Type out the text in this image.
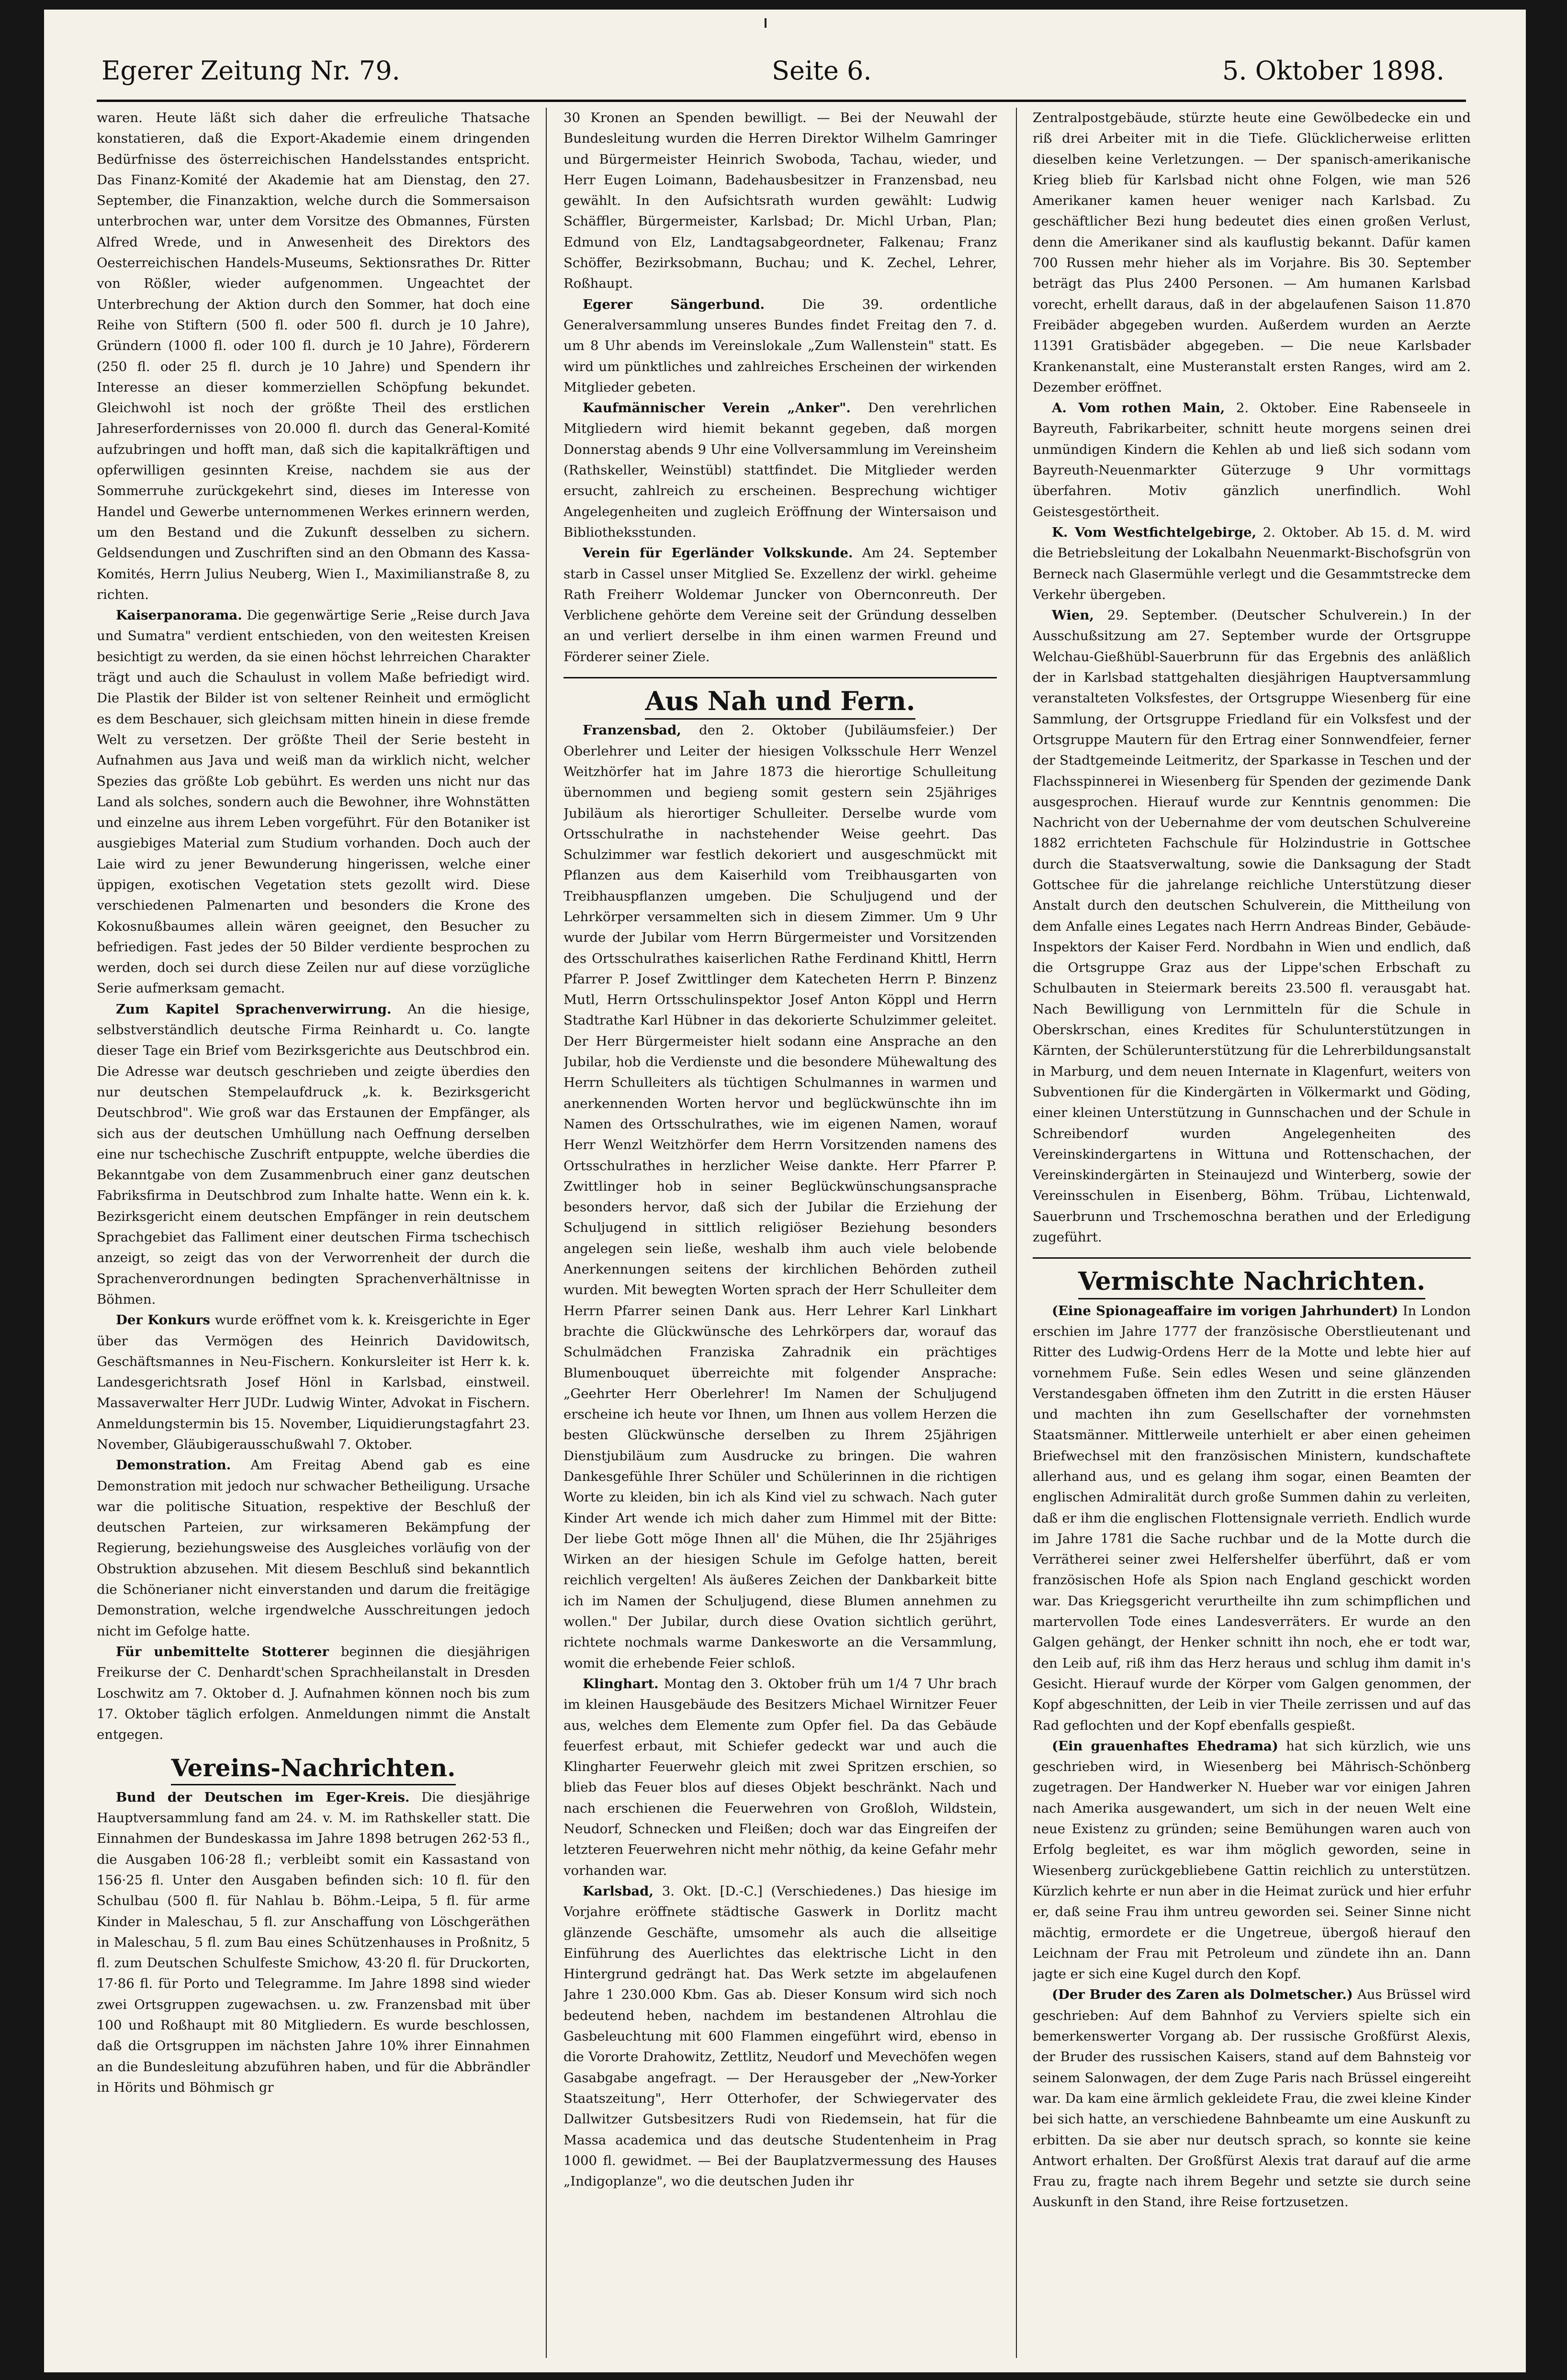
Egerer Zeitung Nr. 79.	Seite 6.	5. Oktober 1898.

waren. Heute läßt sich daher die erfreuliche Thatsache konstatieren, daß die Export-Akademie einem dringenden Bedürfnisse des österreichischen Handelsstandes entspricht. Das Finanz-Komité der Akademie hat am Dienstag, den 27. September, die Finanzaktion, welche durch die Sommersaison unterbrochen war, unter dem Vorsitze des Obmannes, Fürsten Alfred Wrede, und in Anwesenheit des Direktors des Oesterreichischen Handels-Museums, Sektionsrathes Dr. Ritter von Rößler, wieder aufgenommen. Ungeachtet der Unterbrechung der Aktion durch den Sommer, hat doch eine Reihe von Stiftern (500 fl. oder 500 fl. durch je 10 Jahre), Gründern (1000 fl. oder 100 fl. durch je 10 Jahre), Förderern (250 fl. oder 25 fl. durch je 10 Jahre) und Spendern ihr Interesse an dieser kommerziellen Schöpfung bekundet. Gleichwohl ist noch der größte Theil des erstlichen Jahreserfordernisses von 20.000 fl. durch das General-Komité aufzubringen und hofft man, daß sich die kapitalkräftigen und opferwilligen gesinnten Kreise, nachdem sie aus der Sommerruhe zurückgekehrt sind, dieses im Interesse von Handel und Gewerbe unternommenen Werkes erinnern werden, um den Bestand und die Zukunft desselben zu sichern. Geldsendungen und Zuschriften sind an den Obmann des Kassa-Komités, Herrn Julius Neuberg, Wien I., Maximilianstraße 8, zu richten.

Kaiserpanorama. Die gegenwärtige Serie „Reise durch Java und Sumatra" verdient entschieden, von den weitesten Kreisen besichtigt zu werden, da sie einen höchst lehrreichen Charakter trägt und auch die Schaulust in vollem Maße befriedigt wird. Die Plastik der Bilder ist von seltener Reinheit und ermöglicht es dem Beschauer, sich gleichsam mitten hinein in diese fremde Welt zu versetzen. Der größte Theil der Serie besteht in Aufnahmen aus Java und weiß man da wirklich nicht, welcher Spezies das größte Lob gebührt. Es werden uns nicht nur das Land als solches, sondern auch die Bewohner, ihre Wohnstätten und einzelne aus ihrem Leben vorgeführt. Für den Botaniker ist ausgiebiges Material zum Studium vorhanden. Doch auch der Laie wird zu jener Bewunderung hingerissen, welche einer üppigen, exotischen Vegetation stets gezollt wird. Diese verschiedenen Palmenarten und besonders die Krone des Kokosnußbaumes allein wären geeignet, den Besucher zu befriedigen. Fast jedes der 50 Bilder verdiente besprochen zu werden, doch sei durch diese Zeilen nur auf diese vorzügliche Serie aufmerksam gemacht.

Zum Kapitel Sprachenverwirrung. An die hiesige, selbstverständlich deutsche Firma Reinhardt u. Co. langte dieser Tage ein Brief vom Bezirksgerichte aus Deutschbrod ein. Die Adresse war deutsch geschrieben und zeigte überdies den nur deutschen Stempelaufdruck „k. k. Bezirksgericht Deutschbrod". Wie groß war das Erstaunen der Empfänger, als sich aus der deutschen Umhüllung nach Oeffnung derselben eine nur tschechische Zuschrift entpuppte, welche überdies die Bekanntgabe von dem Zusammenbruch einer ganz deutschen Fabriksfirma in Deutschbrod zum Inhalte hatte. Wenn ein k. k. Bezirksgericht einem deutschen Empfänger in rein deutschem Sprachgebiet das Falliment einer deutschen Firma tschechisch anzeigt, so zeigt das von der Verworrenheit der durch die Sprachenverordnungen bedingten Sprachenverhältnisse in Böhmen.

Der Konkurs wurde eröffnet vom k. k. Kreisgerichte in Eger über das Vermögen des Heinrich Davidowitsch, Geschäftsmannes in Neu-Fischern. Konkursleiter ist Herr k. k. Landesgerichtsrath Josef Hönl in Karlsbad, einstweil. Massaverwalter Herr JUDr. Ludwig Winter, Advokat in Fischern. Anmeldungstermin bis 15. November, Liquidierungstagfahrt 23. November, Gläubigerausschußwahl 7. Oktober.

Demonstration. Am Freitag Abend gab es eine Demonstration mit jedoch nur schwacher Betheiligung. Ursache war die politische Situation, respektive der Beschluß der deutschen Parteien, zur wirksameren Bekämpfung der Regierung, beziehungsweise des Ausgleiches vorläufig von der Obstruktion abzusehen. Mit diesem Beschluß sind bekanntlich die Schönerianer nicht einverstanden und darum die freitägige Demonstration, welche irgendwelche Ausschreitungen jedoch nicht im Gefolge hatte.

Für unbemittelte Stotterer beginnen die diesjährigen Freikurse der C. Denhardt'schen Sprachheilanstalt in Dresden Loschwitz am 7. Oktober d. J. Aufnahmen können noch bis zum 17. Oktober täglich erfolgen. Anmeldungen nimmt die Anstalt entgegen.

Vereins-Nachrichten.

Bund der Deutschen im Eger-Kreis. Die diesjährige Hauptversammlung fand am 24. v. M. im Rathskeller statt. Die Einnahmen der Bundeskassa im Jahre 1898 betrugen 262·53 fl., die Ausgaben 106·28 fl.; verbleibt somit ein Kassastand von 156·25 fl. Unter den Ausgaben befinden sich: 10 fl. für den Schulbau (500 fl. für Nahlau b. Böhm.-Leipa, 5 fl. für arme Kinder in Maleschau, 5 fl. zur Anschaffung von Löschgeräthen in Maleschau, 5 fl. zum Bau eines Schützenhauses in Proßnitz, 5 fl. zum Deutschen Schulfeste Smichow, 43·20 fl. für Druckorten, 17·86 fl. für Porto und Telegramme. Im Jahre 1898 sind wieder zwei Ortsgruppen zugewachsen. u. zw. Franzensbad mit über 100 und Roßhaupt mit 80 Mitgliedern. Es wurde beschlossen, daß die Ortsgruppen im nächsten Jahre 10% ihrer Einnahmen an die Bundesleitung abzuführen haben, und für die Abbrändler in Hörits und Böhmisch gr

30 Kronen an Spenden bewilligt. — Bei der Neuwahl der Bundesleitung wurden die Herren Direktor Wilhelm Gamringer und Bürgermeister Heinrich Swoboda, Tachau, wieder, und Herr Eugen Loimann, Badehausbesitzer in Franzensbad, neu gewählt. In den Aufsichtsrath wurden gewählt: Ludwig Schäffler, Bürgermeister, Karlsbad; Dr. Michl Urban, Plan; Edmund von Elz, Landtagsabgeordneter, Falkenau; Franz Schöffer, Bezirksobmann, Buchau; und K. Zechel, Lehrer, Roßhaupt.

Egerer Sängerbund.	Die 39. ordentliche Generalversammlung unseres Bundes findet Freitag den 7. d. um 8 Uhr abends im Vereinslokale „Zum Wallenstein" statt. Es wird um pünktliches und zahlreiches Erscheinen der wirkenden Mitglieder gebeten.

Kaufmännischer Verein „Anker". Den verehrlichen Mitgliedern wird hiemit bekannt gegeben, daß morgen Donnerstag abends 9 Uhr eine Vollversammlung im Vereinsheim (Rathskeller, Weinstübl) stattfindet. Die Mitglieder werden ersucht, zahlreich zu erscheinen. Besprechung wichtiger Angelegenheiten und zugleich Eröffnung der Wintersaison und Bibliotheksstunden.

Verein für Egerländer Volkskunde. Am 24. September starb in Cassel unser Mitglied Se. Exzellenz der wirkl. geheime Rath Freiherr Woldemar Juncker von Obernconreuth. Der Verblichene gehörte dem Vereine seit der Gründung desselben an und verliert derselbe in ihm einen warmen Freund und Förderer seiner Ziele.

Aus Nah und Fern.

Franzensbad, den 2. Oktober (Jubiläumsfeier.) Der Oberlehrer und Leiter der hiesigen Volksschule Herr Wenzel Weitzhörfer hat im Jahre 1873 die hierortige Schulleitung übernommen und begieng somit gestern sein 25jähriges Jubiläum als hierortiger Schulleiter. Derselbe wurde vom Ortsschulrathe in nachstehender Weise geehrt. Das Schulzimmer war festlich dekoriert und ausgeschmückt mit Pflanzen aus dem Kaiserhild vom Treibhausgarten von Treibhauspflanzen umgeben. Die Schuljugend und der Lehrkörper versammelten sich in diesem Zimmer. Um 9 Uhr wurde der Jubilar vom Herrn Bürgermeister und Vorsitzenden des Ortsschulrathes kaiserlichen Rathe Ferdinand Khittl, Herrn Pfarrer P. Josef Zwittlinger dem Katecheten Herrn P. Binzenz Mutl, Herrn Ortsschulinspektor Josef Anton Köppl und Herrn Stadtrathe Karl Hübner in das dekorierte Schulzimmer geleitet. Der Herr Bürgermeister hielt sodann eine Ansprache an den Jubilar, hob die Verdienste und die besondere Mühewaltung des Herrn Schulleiters als tüchtigen Schulmannes in warmen und anerkennenden Worten hervor und beglückwünschte ihn im Namen des Ortsschulrathes, wie im eigenen Namen, worauf Herr Wenzl Weitzhörfer dem Herrn Vorsitzenden namens des Ortsschulrathes in herzlicher Weise dankte. Herr Pfarrer P. Zwittlinger hob in seiner Beglückwünschungsansprache besonders hervor, daß sich der Jubilar die Erziehung der Schuljugend in sittlich religiöser Beziehung besonders angelegen sein ließe, weshalb ihm auch viele belobende Anerkennungen seitens der kirchlichen Behörden zutheil wurden. Mit bewegten Worten sprach der Herr Schulleiter dem Herrn Pfarrer seinen Dank aus. Herr Lehrer Karl Linkhart brachte die Glückwünsche des Lehrkörpers dar, worauf das Schulmädchen Franziska Zahradnik ein prächtiges Blumenbouquet überreichte mit folgender Ansprache: „Geehrter Herr Oberlehrer! Im Namen der Schuljugend erscheine ich heute vor Ihnen, um Ihnen aus vollem Herzen die besten Glückwünsche derselben zu Ihrem 25jährigen Dienstjubiläum zum Ausdrucke zu bringen. Die wahren Dankesgefühle Ihrer Schüler und Schülerinnen in die richtigen Worte zu kleiden, bin ich als Kind viel zu schwach. Nach guter Kinder Art wende ich mich daher zum Himmel mit der Bitte: Der liebe Gott möge Ihnen all' die Mühen, die Ihr 25jähriges Wirken an der hiesigen Schule im Gefolge hatten, bereit reichlich vergelten! Als äußeres Zeichen der Dankbarkeit bitte ich im Namen der Schuljugend, diese Blumen annehmen zu wollen." Der Jubilar, durch diese Ovation sichtlich gerührt, richtete nochmals warme Dankesworte an die Versammlung, womit die erhebende Feier schloß.

Klinghart. Montag den 3. Oktober früh um 1/4 7 Uhr brach im kleinen Hausgebäude des Besitzers Michael Wirnitzer Feuer aus, welches dem Elemente zum Opfer fiel. Da das Gebäude feuerfest erbaut, mit Schiefer gedeckt war und auch die Klingharter Feuerwehr gleich mit zwei Spritzen erschien, so blieb das Feuer blos auf dieses Objekt beschränkt. Nach und nach erschienen die Feuerwehren von Großloh, Wildstein, Neudorf, Schnecken und Fleißen; doch war das Eingreifen der letzteren Feuerwehren nicht mehr nöthig, da keine Gefahr mehr vorhanden war.

Karlsbad, 3. Okt. [D.-C.] (Verschiedenes.) Das hiesige im Vorjahre eröffnete städtische Gaswerk in Dorlitz macht glänzende Geschäfte, umsomehr als auch die allseitige Einführung des Auerlichtes das elektrische Licht in den Hintergrund gedrängt hat. Das Werk setzte im abgelaufenen Jahre 1 230.000 Kbm. Gas ab. Dieser Konsum wird sich noch bedeutend heben, nachdem im bestandenen Altrohlau die Gasbeleuchtung mit 600 Flammen eingeführt wird, ebenso in die Vororte Drahowitz, Zettlitz, Neudorf und Mevechöfen wegen Gasabgabe angefragt. — Der Herausgeber der „New-Yorker Staatszeitung", Herr Otterhofer, der Schwiegervater des Dallwitzer Gutsbesitzers Rudi von Riedemsein, hat für die Massa academica und das deutsche Studentenheim in Prag 1000 fl. gewidmet. — Bei der Bauplatzvermessung des Hauses „Indigoplanze", wo die deutschen Juden ihr

Zentralpostgebäude, stürzte heute eine Gewölbedecke ein und riß drei Arbeiter mit in die Tiefe. Glücklicherweise erlitten dieselben keine Verletzungen. — Der spanisch-amerikanische Krieg blieb für Karlsbad nicht ohne Folgen, wie man 526 Amerikaner kamen heuer weniger nach Karlsbad. Zu geschäftlicher Bezi hung bedeutet dies einen großen Verlust, denn die Amerikaner sind als kauflustig bekannt. Dafür kamen 700 Russen mehr hieher als im Vorjahre. Bis 30. September beträgt das Plus 2400 Personen. — Am humanen Karlsbad vorecht, erhellt daraus, daß in der abgelaufenen Saison 11.870 Freibäder abgegeben wurden. Außerdem wurden an Aerzte 11391 Gratisbäder abgegeben. — Die neue Karlsbader Krankenanstalt, eine Musteranstalt ersten Ranges, wird am 2. Dezember eröffnet.

A. Vom rothen Main, 2. Oktober. Eine Rabenseele in Bayreuth, Fabrikarbeiter, schnitt heute morgens seinen drei unmündigen Kindern die Kehlen ab und ließ sich sodann vom Bayreuth-Neuenmarkter Güterzuge 9 Uhr vormittags überfahren. Motiv gänzlich unerfindlich. Wohl Geistesgestörtheit.

K. Vom Westfichtelgebirge, 2. Oktober. Ab 15. d. M. wird die Betriebsleitung der Lokalbahn Neuenmarkt-Bischofsgrün von Berneck nach Glasermühle verlegt und die Gesammtstrecke dem Verkehr übergeben.

Wien, 29. September. (Deutscher Schulverein.) In der Ausschußsitzung am 27. September wurde der Ortsgruppe Welchau-Gießhübl-Sauerbrunn für das Ergebnis des anläßlich der in Karlsbad stattgehalten diesjährigen Hauptversammlung veranstalteten Volksfestes, der Ortsgruppe Wiesenberg für eine Sammlung, der Ortsgruppe Friedland für ein Volksfest und der Ortsgruppe Mautern für den Ertrag einer Sonnwendfeier, ferner der Stadtgemeinde Leitmeritz, der Sparkasse in Teschen und der Flachsspinnerei in Wiesenberg für Spenden der gezimende Dank ausgesprochen. Hierauf wurde zur Kenntnis genommen: Die Nachricht von der Uebernahme der vom deutschen Schulvereine 1882 errichteten Fachschule für Holzindustrie in Gottschee durch die Staatsverwaltung, sowie die Danksagung der Stadt Gottschee für die jahrelange reichliche Unterstützung dieser Anstalt durch den deutschen Schulverein, die Mittheilung von dem Anfalle eines Legates nach Herrn Andreas Binder, Gebäude-Inspektors der Kaiser Ferd. Nordbahn in Wien und endlich, daß die Ortsgruppe Graz aus der Lippe'schen Erbschaft zu Schulbauten in Steiermark bereits 23.500 fl. verausgabt hat. Nach Bewilligung von Lernmitteln für die Schule in Oberskrschan, eines Kredites für Schulunterstützungen in Kärnten, der Schülerunterstützung für die Lehrerbildungsanstalt in Marburg, und dem neuen Internate in Klagenfurt, weiters von Subventionen für die Kindergärten in Völkermarkt und Göding, einer kleinen Unterstützung in Gunnschachen und der Schule in Schreibendorf wurden Angelegenheiten des Vereinskindergartens in Wittuna und Rottenschachen, der Vereinskindergärten in Steinaujezd und Winterberg, sowie der Vereinsschulen in Eisenberg, Böhm. Trübau, Lichtenwald, Sauerbrunn und Trschemoschna berathen und der Erledigung zugeführt.

Vermischte Nachrichten.

(Eine Spionageaffaire im vorigen Jahrhundert) In London erschien im Jahre 1777 der französische Oberstlieutenant und Ritter des Ludwig-Ordens Herr de la Motte und lebte hier auf vornehmem Fuße. Sein edles Wesen und seine glänzenden Verstandesgaben öffneten ihm den Zutritt in die ersten Häuser und machten ihn zum Gesellschafter der vornehmsten Staatsmänner. Mittlerweile unterhielt er aber einen geheimen Briefwechsel mit den französischen Ministern, kundschaftete allerhand aus, und es gelang ihm sogar, einen Beamten der englischen Admiralität durch große Summen dahin zu verleiten, daß er ihm die englischen Flottensignale verrieth. Endlich wurde im Jahre 1781 die Sache ruchbar und de la Motte durch die Verrätherei seiner zwei Helfershelfer überführt, daß er vom französischen Hofe als Spion nach England geschickt worden war. Das Kriegsgericht verurtheilte ihn zum schimpflichen und martervollen Tode eines Landesverräters. Er wurde an den Galgen gehängt, der Henker schnitt ihn noch, ehe er todt war, den Leib auf, riß ihm das Herz heraus und schlug ihm damit in's Gesicht. Hierauf wurde der Körper vom Galgen genommen, der Kopf abgeschnitten, der Leib in vier Theile zerrissen und auf das Rad geflochten und der Kopf ebenfalls gespießt.

(Ein grauenhaftes Ehedrama) hat sich kürzlich, wie uns geschrieben wird, in Wiesenberg bei Mährisch-Schönberg zugetragen. Der Handwerker N. Hueber war vor einigen Jahren nach Amerika ausgewandert, um sich in der neuen Welt eine neue Existenz zu gründen; seine Bemühungen waren auch von Erfolg begleitet, es war ihm möglich geworden, seine in Wiesenberg zurückgebliebene Gattin reichlich zu unterstützen. Kürzlich kehrte er nun aber in die Heimat zurück und hier erfuhr er, daß seine Frau ihm untreu geworden sei. Seiner Sinne nicht mächtig, ermordete er die Ungetreue, übergoß hierauf den Leichnam der Frau mit Petroleum und zündete ihn an. Dann jagte er sich eine Kugel durch den Kopf.

(Der Bruder des Zaren als Dolmetscher.) Aus Brüssel wird geschrieben: Auf dem Bahnhof zu Verviers spielte sich ein bemerkenswerter Vorgang ab. Der russische Großfürst Alexis, der Bruder des russischen Kaisers, stand auf dem Bahnsteig vor seinem Salonwagen, der dem Zuge Paris nach Brüssel eingereiht war. Da kam eine ärmlich gekleidete Frau, die zwei kleine Kinder bei sich hatte, an verschiedene Bahnbeamte um eine Auskunft zu erbitten. Da sie aber nur deutsch sprach, so konnte sie keine Antwort erhalten. Der Großfürst Alexis trat darauf auf die arme Frau zu, fragte nach ihrem Begehr und setzte sie durch seine Auskunft in den Stand, ihre Reise fortzusetzen.
